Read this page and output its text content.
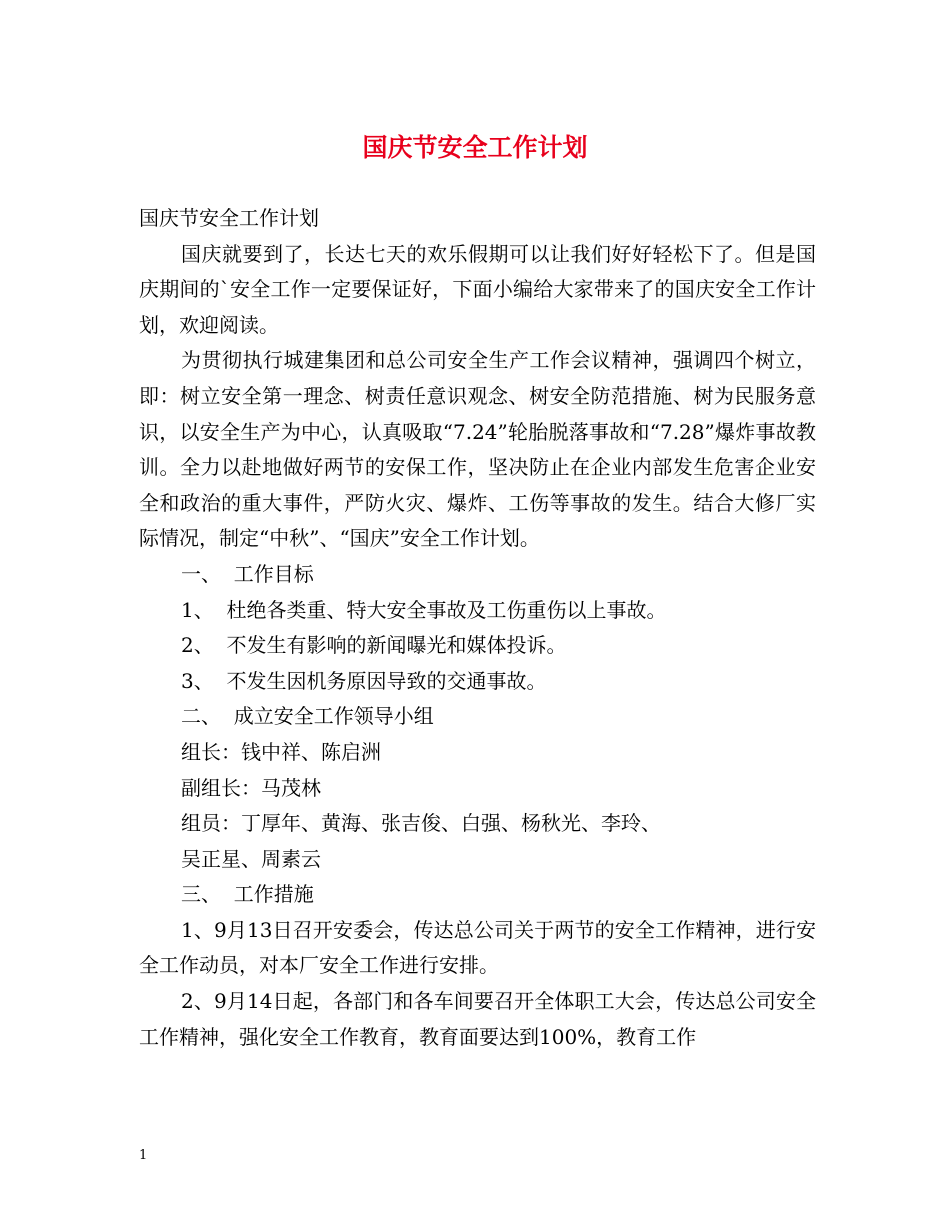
国庆节安全工作计划

国庆节安全工作计划

国庆就要到了，长达七天的欢乐假期可以让我们好好轻松下了。但是国庆期间的`安全工作一定要保证好，下面小编给大家带来了的国庆安全工作计划，欢迎阅读。

为贯彻执行城建集团和总公司安全生产工作会议精神，强调四个树立，即：树立安全第一理念、树责任意识观念、树安全防范措施、树为民服务意识，以安全生产为中心，认真吸取“7.24”轮胎脱落事故和“7.28”爆炸事故教训。全力以赴地做好两节的安保工作，坚决防止在企业内部发生危害企业安全和政治的重大事件，严防火灾、爆炸、工伤等事故的发生。结合大修厂实际情况，制定“中秋”、“国庆”安全工作计划。

一、  工作目标

1、  杜绝各类重、特大安全事故及工伤重伤以上事故。

2、  不发生有影响的新闻曝光和媒体投诉。

3、  不发生因机务原因导致的交通事故。

二、  成立安全工作领导小组

组长：钱中祥、陈启洲

副组长：马茂林

组员：丁厚年、黄海、张吉俊、白强、杨秋光、李玲、

吴正星、周素云

三、  工作措施

1、9月13日召开安委会，传达总公司关于两节的安全工作精神，进行安全工作动员，对本厂安全工作进行安排。

2、9月14日起，各部门和各车间要召开全体职工大会，传达总公司安全工作精神，强化安全工作教育，教育面要达到100%，教育工作

1
